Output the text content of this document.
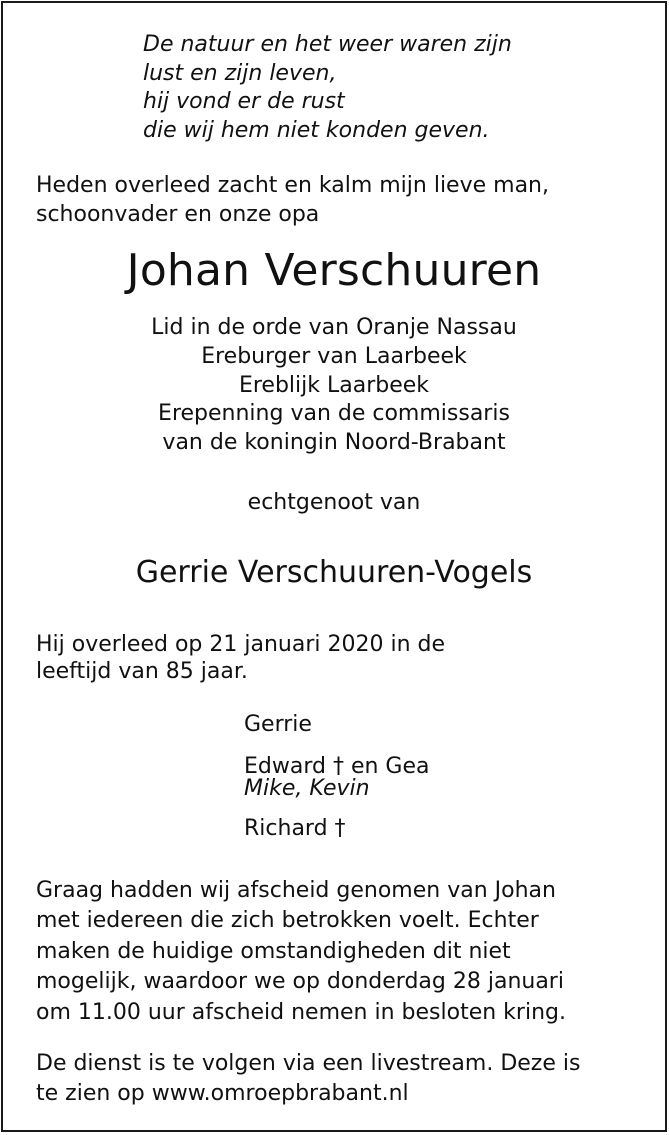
De natuur en het weer waren zijn
lust en zijn leven,
hij vond er de rust
die wij hem niet konden geven.
Heden overleed zacht en kalm mijn lieve man,
schoonvader en onze opa
Johan Verschuuren
Lid in de orde van Oranje Nassau
Ereburger van Laarbeek
Ereblijk Laarbeek
Erepenning van de commissaris
van de koningin Noord-Brabant
echtgenoot van
Gerrie Verschuuren-Vogels
Hij overleed op 21 januari 2020 in de
leeftijd van 85 jaar.
Gerrie
Edward † en Gea
Mike, Kevin
Richard †
Graag hadden wij afscheid genomen van Johan
met iedereen die zich betrokken voelt. Echter
maken de huidige omstandigheden dit niet
mogelijk, waardoor we op donderdag 28 januari
om 11.00 uur afscheid nemen in besloten kring.
De dienst is te volgen via een livestream. Deze is
te zien op www.omroepbrabant.nl
